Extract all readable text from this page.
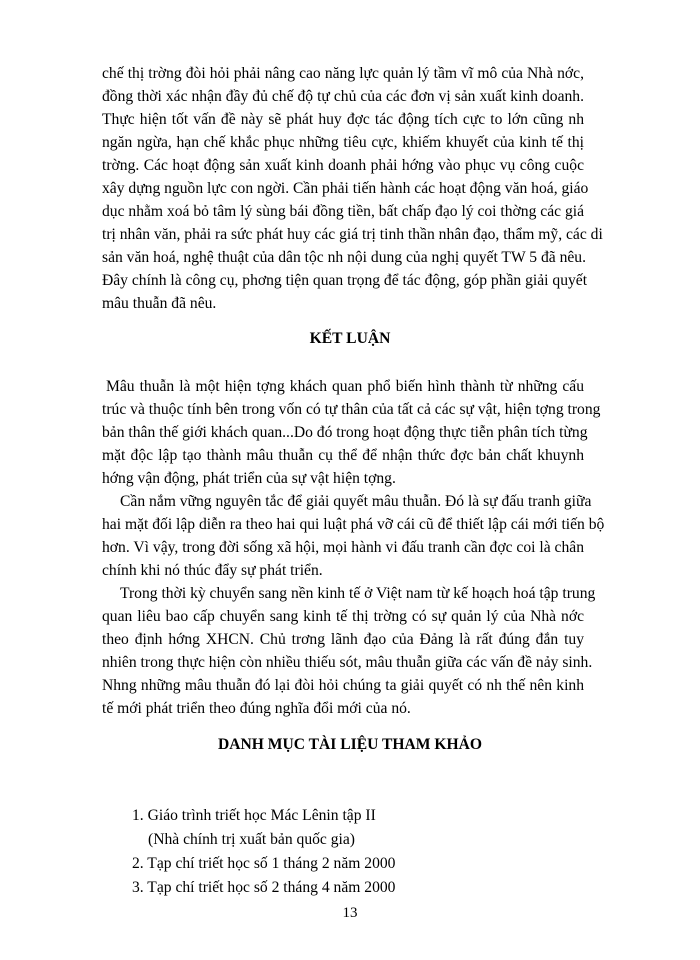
chế thị trờng đòi hỏi phải nâng cao năng lực quản lý tầm vĩ mô của Nhà nớc,
đồng thời xác nhận đầy đủ chế độ tự chủ của các đơn vị sản xuất kinh doanh.
Thực hiện tốt vấn đề này sẽ phát huy đợc tác động tích cực to lớn cũng nh
ngăn ngừa, hạn chế khắc phục những tiêu cực, khiếm khuyết của kinh tế thị
trờng. Các hoạt động sản xuất kinh doanh phải hớng vào phục vụ công cuộc
xây dựng nguồn lực con ngời. Cần phải tiến hành các hoạt động văn hoá, giáo
dục nhằm xoá bỏ tâm lý sùng bái đồng tiền, bất chấp đạo lý coi thờng các giá
trị nhân văn, phải ra sức phát huy các giá trị tinh thần nhân đạo, thẩm mỹ, các di
sản văn hoá, nghệ thuật của dân tộc nh nội dung của nghị quyết TW 5 đã nêu.
Đây chính là công cụ, phơng tiện quan trọng để tác động, góp phần giải quyết
mâu thuẫn đã nêu.
KẾT LUẬN
Mâu thuẫn là một hiện tợng khách quan phổ biến hình thành từ những cấu
trúc và thuộc tính bên trong vốn có tự thân của tất cả các sự vật, hiện tợng trong
bản thân thế giới khách quan...Do đó trong hoạt động thực tiễn phân tích từng
mặt độc lập tạo thành mâu thuẫn cụ thể để nhận thức đợc bản chất khuynh
hớng vận động, phát triển của sự vật hiện tợng.
Cần nắm vững nguyên tắc để giải quyết mâu thuẫn. Đó là sự đấu tranh giữa
hai mặt đối lập diễn ra theo hai qui luật phá vỡ cái cũ để thiết lập cái mới tiến bộ
hơn. Vì vậy, trong đời sống xã hội, mọi hành vi đấu tranh cần đợc coi là chân
chính khi nó thúc đẩy sự phát triển.
Trong thời kỳ chuyển sang nền kinh tế ở Việt nam từ kế hoạch hoá tập trung
quan liêu bao cấp chuyển sang kinh tế thị trờng có sự quản lý của Nhà nớc
theo định hớng XHCN. Chủ trơng lãnh đạo của Đảng là rất đúng đắn tuy
nhiên trong thực hiện còn nhiều thiếu sót, mâu thuẫn giữa các vấn đề nảy sinh.
Nhng những mâu thuẫn đó lại đòi hỏi chúng ta giải quyết có nh thế nên kinh
tế mới phát triển theo đúng nghĩa đổi mới của nó.
DANH MỤC TÀI LIỆU THAM KHẢO
1. Giáo trình triết học Mác Lênin tập II
(Nhà chính trị xuất bản quốc gia)
2. Tạp chí triết học số 1 tháng 2 năm 2000
3. Tạp chí triết học số 2 tháng 4 năm 2000
13
